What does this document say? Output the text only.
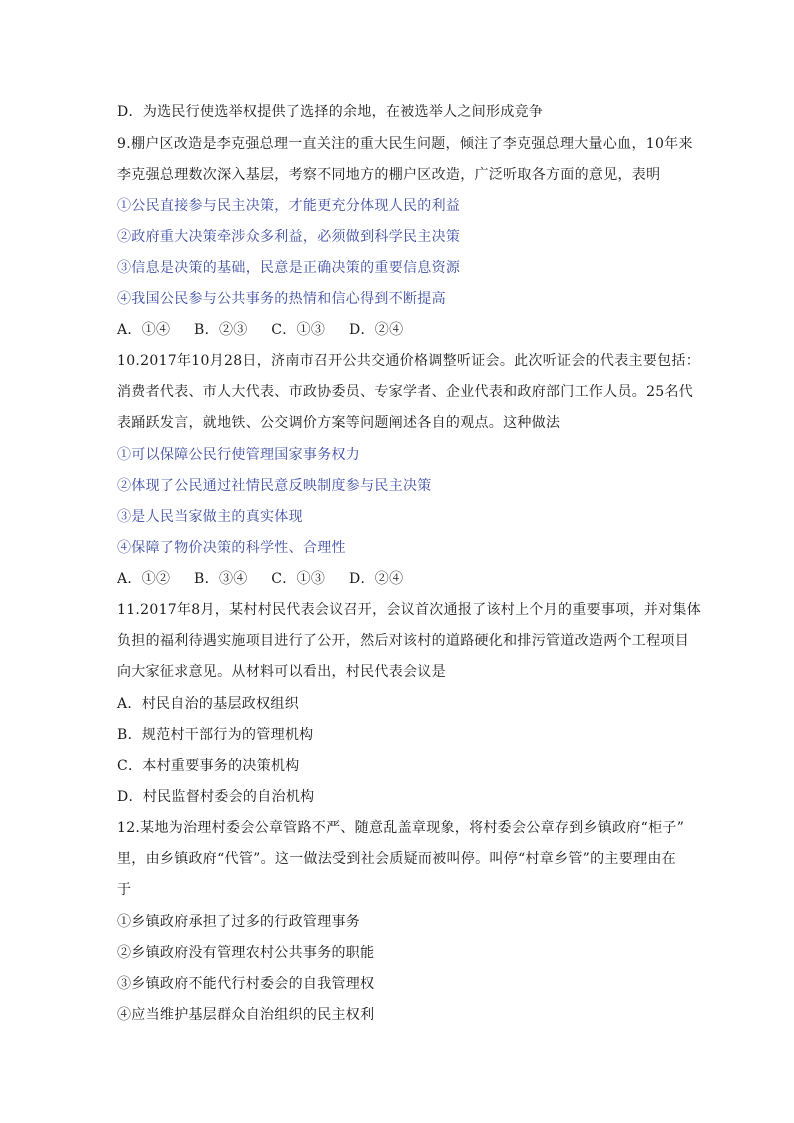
D．为选民行使选举权提供了选择的余地，在被选举人之间形成竞争
9.棚户区改造是李克强总理一直关注的重大民生问题，倾注了李克强总理大量心血，10年来
李克强总理数次深入基层，考察不同地方的棚户区改造，广泛听取各方面的意见，表明
①公民直接参与民主决策，才能更充分体现人民的利益
②政府重大决策牵涉众多利益，必须做到科学民主决策
③信息是决策的基础，民意是正确决策的重要信息资源
④我国公民参与公共事务的热情和信心得到不断提高
A．①④     B．②③     C．①③     D．②④
10.2017年10月28日，济南市召开公共交通价格调整听证会。此次听证会的代表主要包括：
消费者代表、市人大代表、市政协委员、专家学者、企业代表和政府部门工作人员。25名代
表踊跃发言，就地铁、公交调价方案等问题阐述各自的观点。这种做法
①可以保障公民行使管理国家事务权力
②体现了公民通过社情民意反映制度参与民主决策
③是人民当家做主的真实体现
④保障了物价决策的科学性、合理性
A．①②     B．③④     C．①③     D．②④
11.2017年8月，某村村民代表会议召开，会议首次通报了该村上个月的重要事项，并对集体
负担的福利待遇实施项目进行了公开，然后对该村的道路硬化和排污管道改造两个工程项目
向大家征求意见。从材料可以看出，村民代表会议是
A．村民自治的基层政权组织
B．规范村干部行为的管理机构
C．本村重要事务的决策机构
D．村民监督村委会的自治机构
12.某地为治理村委会公章管路不严、随意乱盖章现象，将村委会公章存到乡镇政府“柜子”
里，由乡镇政府“代管”。这一做法受到社会质疑而被叫停。叫停“村章乡管”的主要理由在
于
①乡镇政府承担了过多的行政管理事务
②乡镇政府没有管理农村公共事务的职能
③乡镇政府不能代行村委会的自我管理权
④应当维护基层群众自治组织的民主权利
